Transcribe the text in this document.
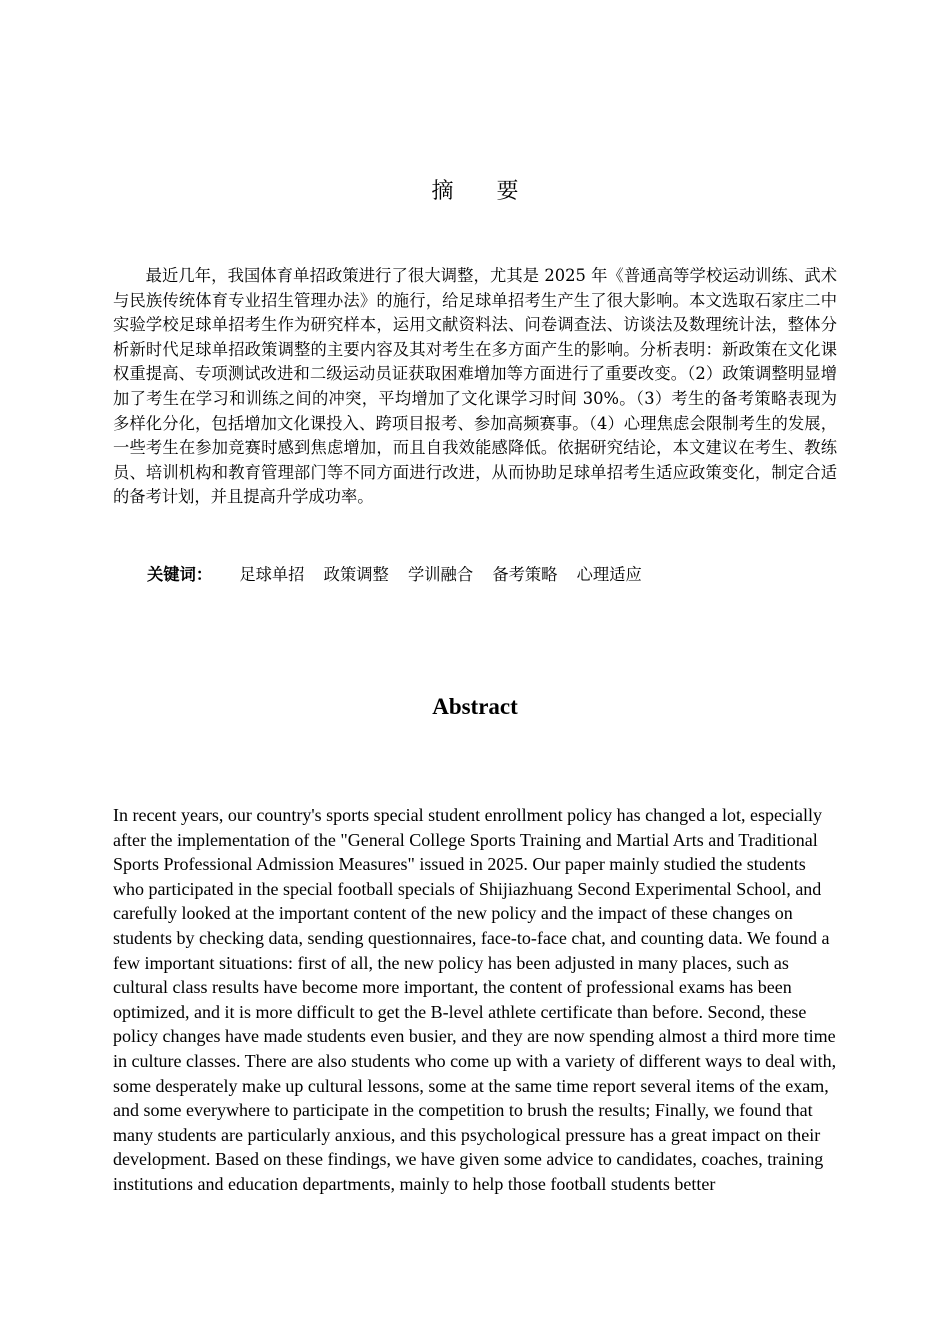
摘 要

最近几年，我国体育单招政策进行了很大调整，尤其是 2025 年《普通高等学校运动训练、武术与民族传统体育专业招生管理办法》的施行，给足球单招考生产生了很大影响。本文选取石家庄二中实验学校足球单招考生作为研究样本，运用文献资料法、问卷调查法、访谈法及数理统计法，整体分析新时代足球单招政策调整的主要内容及其对考生在多方面产生的影响。分析表明：新政策在文化课权重提高、专项测试改进和二级运动员证获取困难增加等方面进行了重要改变。（2）政策调整明显增加了考生在学习和训练之间的冲突，平均增加了文化课学习时间 30%。（3）考生的备考策略表现为多样化分化，包括增加文化课投入、跨项目报考、参加高频赛事。（4）心理焦虑会限制考生的发展，一些考生在参加竞赛时感到焦虑增加，而且自我效能感降低。依据研究结论，本文建议在考生、教练员、培训机构和教育管理部门等不同方面进行改进，从而协助足球单招考生适应政策变化，制定合适的备考计划，并且提高升学成功率。

关键词： 足球单招 政策调整 学训融合 备考策略 心理适应
Abstract

In recent years, our country's sports special student enrollment policy has changed a lot, especially after the implementation of the "General College Sports Training and Martial Arts and Traditional Sports Professional Admission Measures" issued in 2025. Our paper mainly studied the students who participated in the special football specials of Shijiazhuang Second Experimental School, and carefully looked at the important content of the new policy and the impact of these changes on students by checking data, sending questionnaires, face-to-face chat, and counting data. We found a few important situations: first of all, the new policy has been adjusted in many places, such as cultural class results have become more important, the content of professional exams has been optimized, and it is more difficult to get the B-level athlete certificate than before. Second, these policy changes have made students even busier, and they are now spending almost a third more time in culture classes. There are also students who come up with a variety of different ways to deal with, some desperately make up cultural lessons, some at the same time report several items of the exam, and some everywhere to participate in the competition to brush the results; Finally, we found that many students are particularly anxious, and this psychological pressure has a great impact on their development. Based on these findings, we have given some advice to candidates, coaches, training institutions and education departments, mainly to help those football students better
